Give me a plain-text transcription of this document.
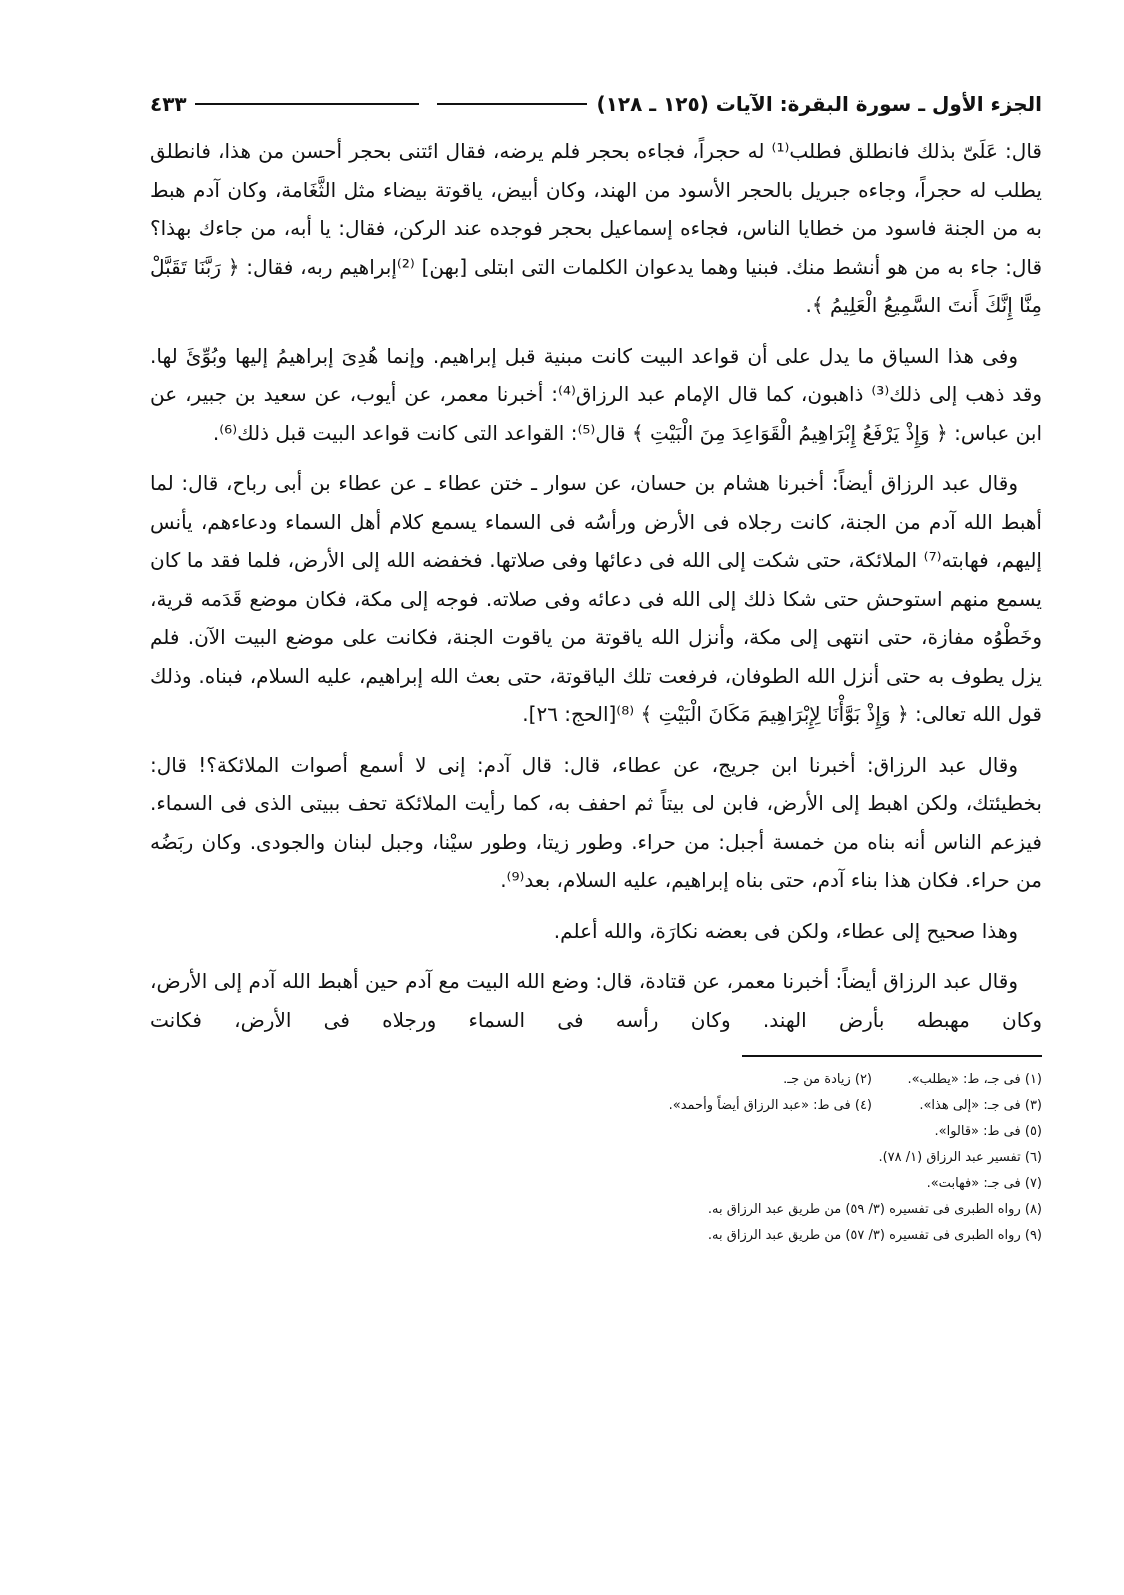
الجزء الأول ـ سورة البقرة: الآيات (١٢٥ ـ ١٢٨)
٤٣٣

قال: عَلَىّ بذلك فانطلق فطلب⁽¹⁾ له حجراً، فجاءه بحجر فلم يرضه، فقال ائتنى بحجر أحسن من هذا، فانطلق يطلب له حجراً، وجاءه جبريل بالحجر الأسود من الهند، وكان أبيض، ياقوتة بيضاء مثل الثَّغَامة، وكان آدم هبط به من الجنة فاسود من خطايا الناس، فجاءه إسماعيل بحجر فوجده عند الركن، فقال: يا أبه، من جاءك بهذا؟ قال: جاء به من هو أنشط منك. فبنيا وهما يدعوان الكلمات التى ابتلى [بهن] ⁽²⁾إبراهيم ربه، فقال: ﴿ رَبَّنَا تَقَبَّلْ مِنَّا إِنَّكَ أَنتَ السَّمِيعُ الْعَلِيمُ ﴾.

وفى هذا السياق ما يدل على أن قواعد البيت كانت مبنية قبل إبراهيم. وإنما هُدِىَ إبراهيمُ إليها وبُوِّئَ لها. وقد ذهب إلى ذلك⁽³⁾ ذاهبون، كما قال الإمام عبد الرزاق⁽⁴⁾: أخبرنا معمر، عن أيوب، عن سعيد بن جبير، عن ابن عباس: ﴿ وَإِذْ يَرْفَعُ إِبْرَاهِيمُ الْقَوَاعِدَ مِنَ الْبَيْتِ ﴾ قال⁽⁵⁾: القواعد التى كانت قواعد البيت قبل ذلك⁽⁶⁾.

وقال عبد الرزاق أيضاً: أخبرنا هشام بن حسان، عن سوار ـ ختن عطاء ـ عن عطاء بن أبى رباح، قال: لما أهبط الله آدم من الجنة، كانت رجلاه فى الأرض ورأسُه فى السماء يسمع كلام أهل السماء ودعاءهم، يأنس إليهم، فهابته⁽⁷⁾ الملائكة، حتى شكت إلى الله فى دعائها وفى صلاتها. فخفضه الله إلى الأرض، فلما فقد ما كان يسمع منهم استوحش حتى شكا ذلك إلى الله فى دعائه وفى صلاته. فوجه إلى مكة، فكان موضع قَدَمه قرية، وخَطْوُه مفازة، حتى انتهى إلى مكة، وأنزل الله ياقوتة من ياقوت الجنة، فكانت على موضع البيت الآن. فلم يزل يطوف به حتى أنزل الله الطوفان، فرفعت تلك الياقوتة، حتى بعث الله إبراهيم، عليه السلام، فبناه. وذلك قول الله تعالى: ﴿ وَإِذْ بَوَّأْنَا لِإِبْرَاهِيمَ مَكَانَ الْبَيْتِ ﴾ ⁽⁸⁾[الحج: ٢٦].

وقال عبد الرزاق: أخبرنا ابن جريج، عن عطاء، قال: قال آدم: إنى لا أسمع أصوات الملائكة؟! قال: بخطيئتك، ولكن اهبط إلى الأرض، فابن لى بيتاً ثم احفف به، كما رأيت الملائكة تحف ببيتى الذى فى السماء. فيزعم الناس أنه بناه من خمسة أجبل: من حراء. وطور زيتا، وطور سيْنا، وجبل لبنان والجودى. وكان ربَضُه من حراء. فكان هذا بناء آدم، حتى بناه إبراهيم، عليه السلام، بعد⁽⁹⁾.

وهذا صحيح إلى عطاء، ولكن فى بعضه نكارَة، والله أعلم.

وقال عبد الرزاق أيضاً: أخبرنا معمر، عن قتادة، قال: وضع الله البيت مع آدم حين أهبط الله آدم إلى الأرض، وكان مهبطه بأرض الهند. وكان رأسه فى السماء ورجلاه فى الأرض، فكانت

(١) فى جـ، ط: «يطلب».
(٢) زيادة من جـ.
(٣) فى جـ: «إلى هذا».
(٤) فى ط: «عبد الرزاق أيضاً وأحمد».
(٥) فى ط: «قالوا».
(٦) تفسير عبد الرزاق (١/ ٧٨).
(٧) فى جـ: «فهابت».
(٨) رواه الطبرى فى تفسيره (٣/ ٥٩) من طريق عبد الرزاق به.
(٩) رواه الطبرى فى تفسيره (٣/ ٥٧) من طريق عبد الرزاق به.
